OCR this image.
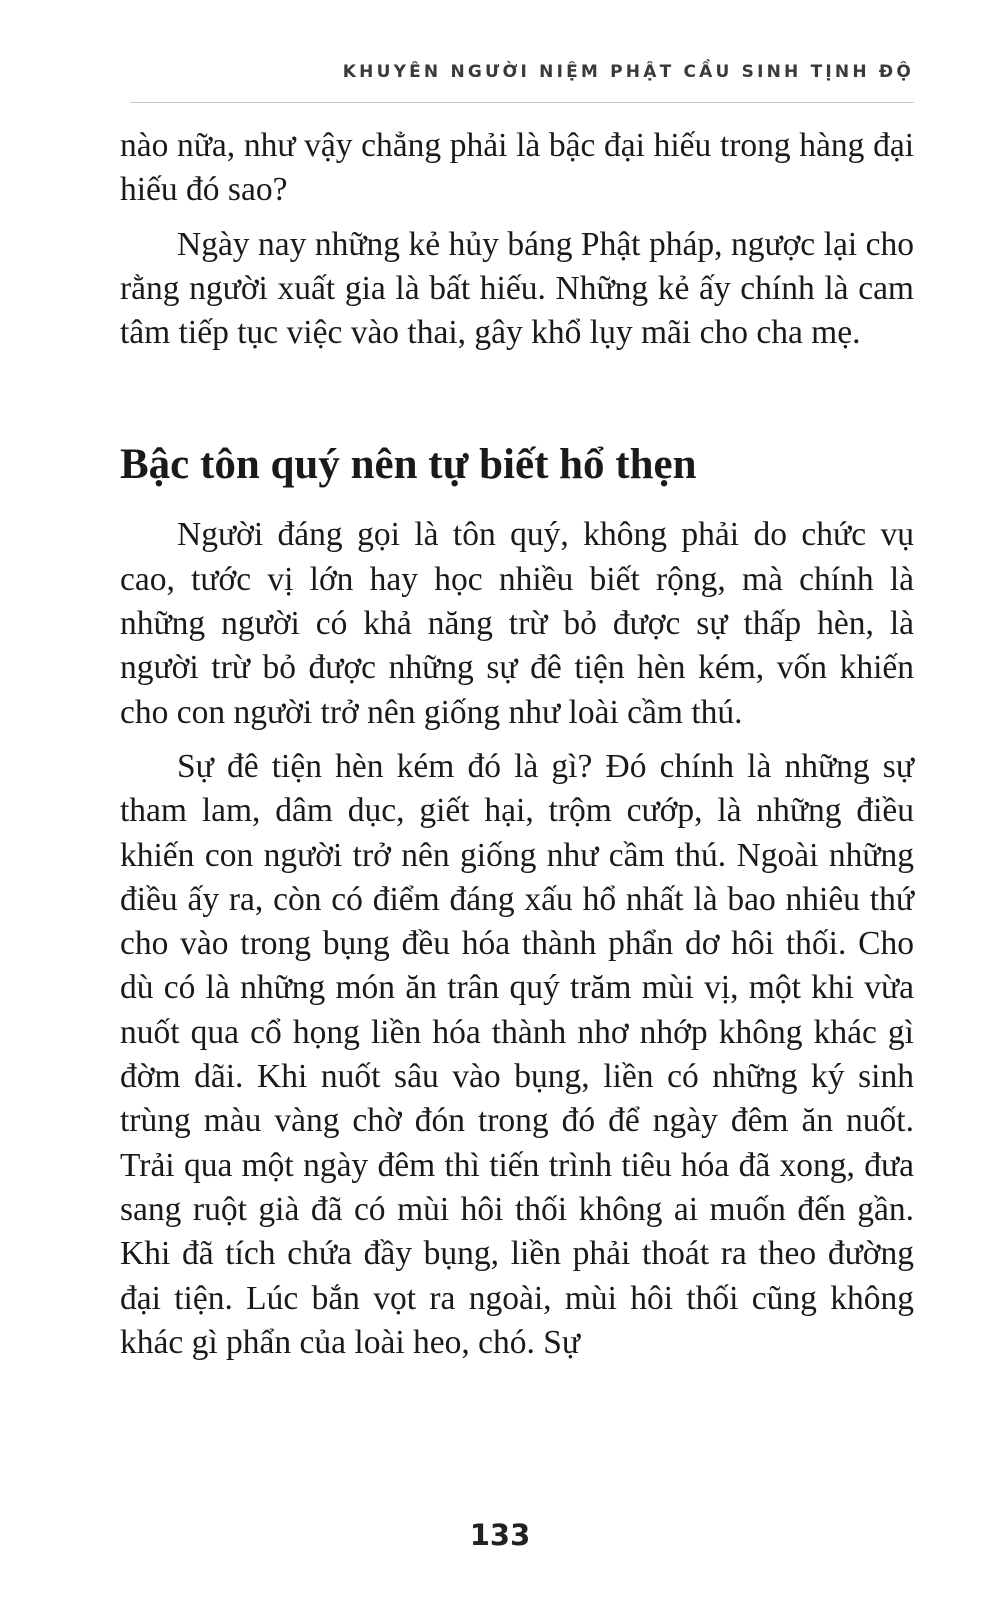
KHUYÊN NGƯỜI NIỆM PHẬT CẦU SINH TỊNH ĐỘ

nào nữa, như vậy chẳng phải là bậc đại hiếu trong hàng đại hiếu đó sao?

Ngày nay những kẻ hủy báng Phật pháp, ngược lại cho rằng người xuất gia là bất hiếu. Những kẻ ấy chính là cam tâm tiếp tục việc vào thai, gây khổ lụy mãi cho cha mẹ.

Bậc tôn quý nên tự biết hổ thẹn

Người đáng gọi là tôn quý, không phải do chức vụ cao, tước vị lớn hay học nhiều biết rộng, mà chính là những người có khả năng trừ bỏ được sự thấp hèn, là người trừ bỏ được những sự đê tiện hèn kém, vốn khiến cho con người trở nên giống như loài cầm thú.

Sự đê tiện hèn kém đó là gì? Đó chính là những sự tham lam, dâm dục, giết hại, trộm cướp, là những điều khiến con người trở nên giống như cầm thú. Ngoài những điều ấy ra, còn có điểm đáng xấu hổ nhất là bao nhiêu thứ cho vào trong bụng đều hóa thành phẩn dơ hôi thối. Cho dù có là những món ăn trân quý trăm mùi vị, một khi vừa nuốt qua cổ họng liền hóa thành nhơ nhớp không khác gì đờm dãi. Khi nuốt sâu vào bụng, liền có những ký sinh trùng màu vàng chờ đón trong đó để ngày đêm ăn nuốt. Trải qua một ngày đêm thì tiến trình tiêu hóa đã xong, đưa sang ruột già đã có mùi hôi thối không ai muốn đến gần. Khi đã tích chứa đầy bụng, liền phải thoát ra theo đường đại tiện. Lúc bắn vọt ra ngoài, mùi hôi thối cũng không khác gì phẩn của loài heo, chó. Sự

133
